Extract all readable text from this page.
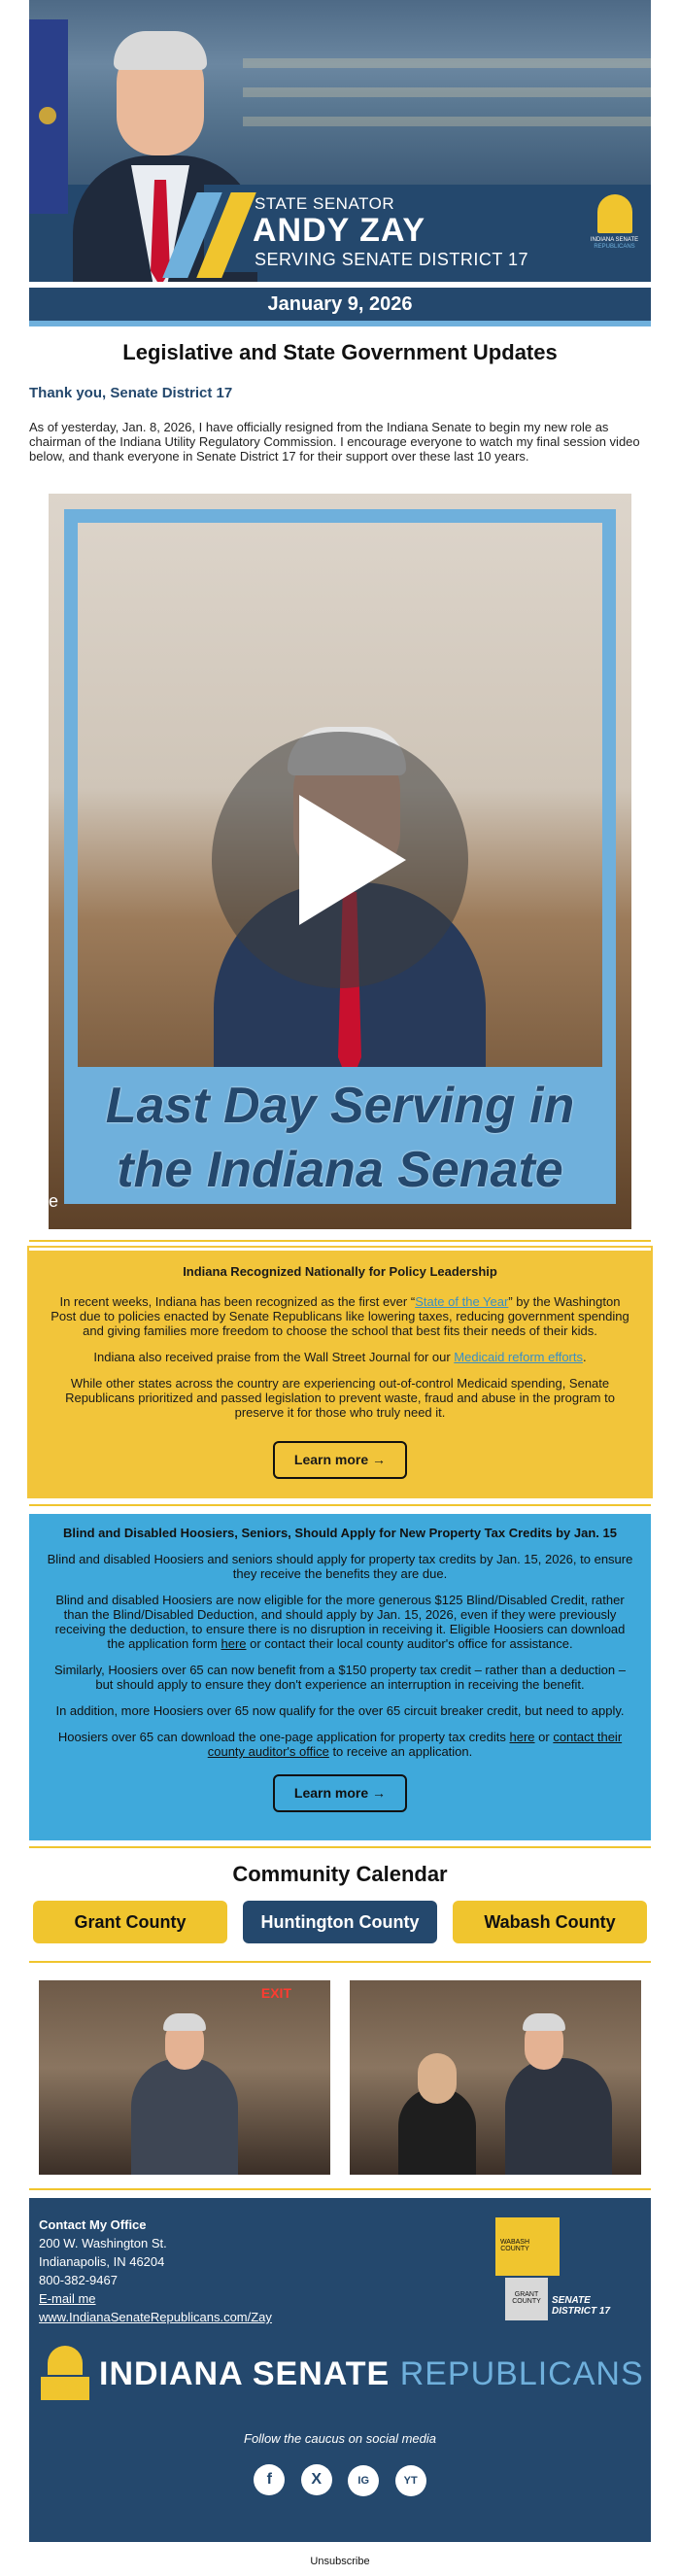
STATE SENATOR
ANDY ZAY
SERVING SENATE DISTRICT 17
INDIANA SENATE
REPUBLICANS
January 9, 2026
Legislative and State Government Updates
Thank you, Senate District 17
As of yesterday, Jan. 8, 2026, I have officially resigned from the Indiana Senate to begin my new role as chairman of the Indiana Utility Regulatory Commission. I encourage everyone to watch my final session video below, and thank everyone in Senate District 17 for their support over these last 10 years.
Last Day Serving in
the Indiana Senate
e
Indiana Recognized Nationally for Policy Leadership
In recent weeks, Indiana has been recognized as the first ever “State of the Year” by the Washington Post due to policies enacted by Senate Republicans like lowering taxes, reducing government spending and giving families more freedom to choose the school that best fits their needs of their kids.
Indiana also received praise from the Wall Street Journal for our Medicaid reform efforts.
While other states across the country are experiencing out-of-control Medicaid spending, Senate Republicans prioritized and passed legislation to prevent waste, fraud and abuse in the program to preserve it for those who truly need it.
Learn more →
Blind and Disabled Hoosiers, Seniors, Should Apply for New Property Tax Credits by Jan. 15
Blind and disabled Hoosiers and seniors should apply for property tax credits by Jan. 15, 2026, to ensure they receive the benefits they are due.
Blind and disabled Hoosiers are now eligible for the more generous $125 Blind/Disabled Credit, rather than the Blind/Disabled Deduction, and should apply by Jan. 15, 2026, even if they were previously receiving the deduction, to ensure there is no disruption in receiving it. Eligible Hoosiers can download the application form here or contact their local county auditor's office for assistance.
Similarly, Hoosiers over 65 can now benefit from a $150 property tax credit – rather than a deduction – but should apply to ensure they don't experience an interruption in receiving the benefit.
In addition, more Hoosiers over 65 now qualify for the over 65 circuit breaker credit, but need to apply.
Hoosiers over 65 can download the one-page application for property tax credits here or contact their county auditor's office to receive an application.
Learn more →
Community Calendar
Grant County	Huntington County	Wabash County
EXIT
Contact My Office
200 W. Washington St.
Indianapolis, IN 46204
800-382-9467
E-mail me
www.IndianaSenateRepublicans.com/Zay
WABASH COUNTY
GRANT COUNTY	SENATE
DISTRICT 17
INDIANA SENATE REPUBLICANS
Follow the caucus on social media
f	X	IG	YT
Unsubscribe
